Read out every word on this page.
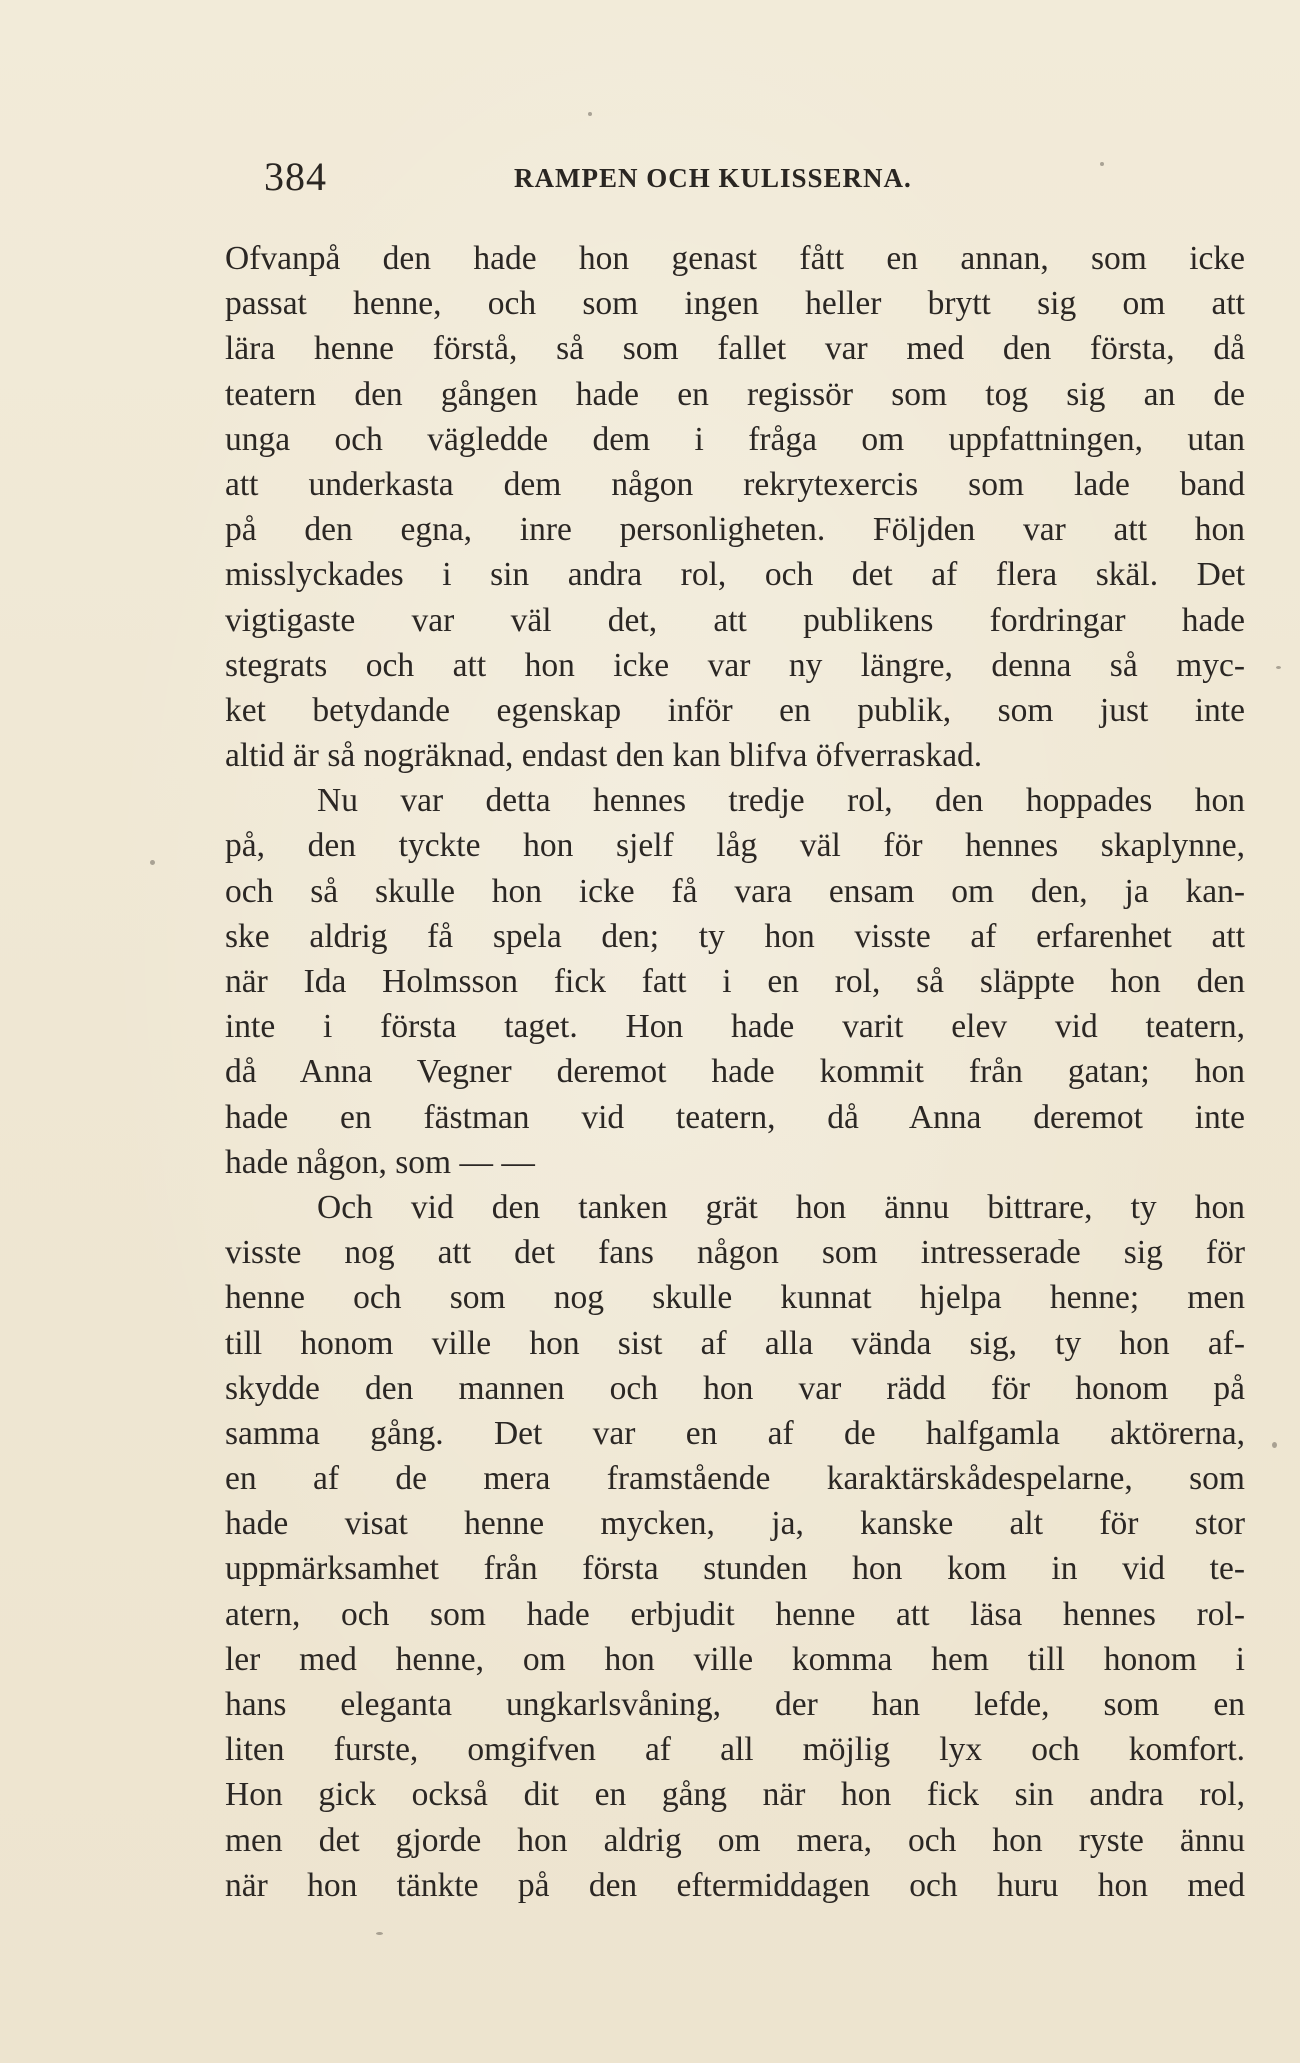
384	RAMPEN OCH KULISSERNA.
Ofvanpå den hade hon genast fått en annan, som icke
passat henne, och som ingen heller brytt sig om att
lära henne förstå, så som fallet var med den första, då
teatern den gången hade en regissör som tog sig an de
unga och vägledde dem i fråga om uppfattningen, utan
att underkasta dem någon rekrytexercis som lade band
på den egna, inre personligheten. Följden var att hon
misslyckades i sin andra rol, och det af flera skäl. Det
vigtigaste var väl det, att publikens fordringar hade
stegrats och att hon icke var ny längre, denna så myc-
ket betydande egenskap inför en publik, som just inte
altid är så nogräknad, endast den kan blifva öfverraskad.
Nu var detta hennes tredje rol, den hoppades hon
på, den tyckte hon sjelf låg väl för hennes skaplynne,
och så skulle hon icke få vara ensam om den, ja kan-
ske aldrig få spela den; ty hon visste af erfarenhet att
när Ida Holmsson fick fatt i en rol, så släppte hon den
inte i första taget. Hon hade varit elev vid teatern,
då Anna Vegner deremot hade kommit från gatan; hon
hade en fästman vid teatern, då Anna deremot inte
hade någon, som — —
Och vid den tanken grät hon ännu bittrare, ty hon
visste nog att det fans någon som intresserade sig för
henne och som nog skulle kunnat hjelpa henne; men
till honom ville hon sist af alla vända sig, ty hon af-
skydde den mannen och hon var rädd för honom på
samma gång. Det var en af de halfgamla aktörerna,
en af de mera framstående karaktärskådespelarne, som
hade visat henne mycken, ja, kanske alt för stor
uppmärksamhet från första stunden hon kom in vid te-
atern, och som hade erbjudit henne att läsa hennes rol-
ler med henne, om hon ville komma hem till honom i
hans eleganta ungkarlsvåning, der han lefde, som en
liten furste, omgifven af all möjlig lyx och komfort.
Hon gick också dit en gång när hon fick sin andra rol,
men det gjorde hon aldrig om mera, och hon ryste ännu
när hon tänkte på den eftermiddagen och huru hon med
